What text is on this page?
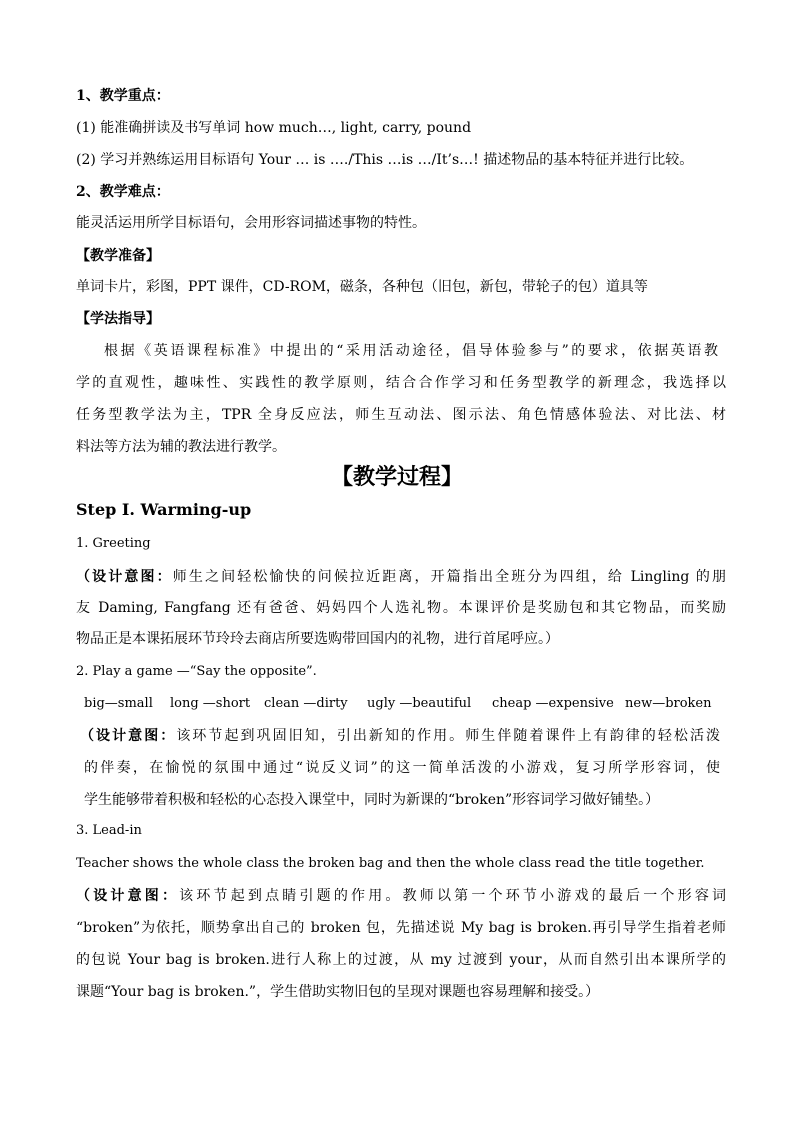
1、教学重点：
(1) 能准确拼读及书写单词 how much…, light, carry, pound
(2) 学习并熟练运用目标语句 Your … is …./This …is …/It’s…! 描述物品的基本特征并进行比较。
2、教学难点：
能灵活运用所学目标语句，会用形容词描述事物的特性。
【教学准备】
单词卡片，彩图，PPT 课件，CD-ROM，磁条，各种包（旧包，新包，带轮子的包）道具等
【学法指导】
根据《英语课程标准》中提出的“采用活动途径，倡导体验参与”的要求，依据英语教
学的直观性，趣味性、实践性的教学原则，结合合作学习和任务型教学的新理念，我选择以
任务型教学法为主，TPR 全身反应法，师生互动法、图示法、角色情感体验法、对比法、材
料法等方法为辅的教法进行教学。
【教学过程】
Step Ⅰ. Warming-up
1. Greeting
（设计意图：师生之间轻松愉快的问候拉近距离，开篇指出全班分为四组，给 Lingling 的朋
友 Daming, Fangfang 还有爸爸、妈妈四个人选礼物。本课评价是奖励包和其它物品，而奖励
物品正是本课拓展环节玲玲去商店所要选购带回国内的礼物，进行首尾呼应。）
2. Play a game —“Say the opposite”.
big—small long —short clean —dirty ugly —beautiful cheap —expensive new—broken
（设计意图：该环节起到巩固旧知，引出新知的作用。师生伴随着课件上有韵律的轻松活泼
的伴奏，在愉悦的氛围中通过“说反义词”的这一简单活泼的小游戏，复习所学形容词，使
学生能够带着积极和轻松的心态投入课堂中，同时为新课的“broken”形容词学习做好铺垫。）
3. Lead-in
Teacher shows the whole class the broken bag and then the whole class read the title together.
（设计意图：该环节起到点睛引题的作用。教师以第一个环节小游戏的最后一个形容词
“broken”为依托，顺势拿出自己的 broken 包，先描述说 My bag is broken.再引导学生指着老师
的包说 Your bag is broken.进行人称上的过渡，从 my 过渡到 your，从而自然引出本课所学的
课题“Your bag is broken.”，学生借助实物旧包的呈现对课题也容易理解和接受。）
